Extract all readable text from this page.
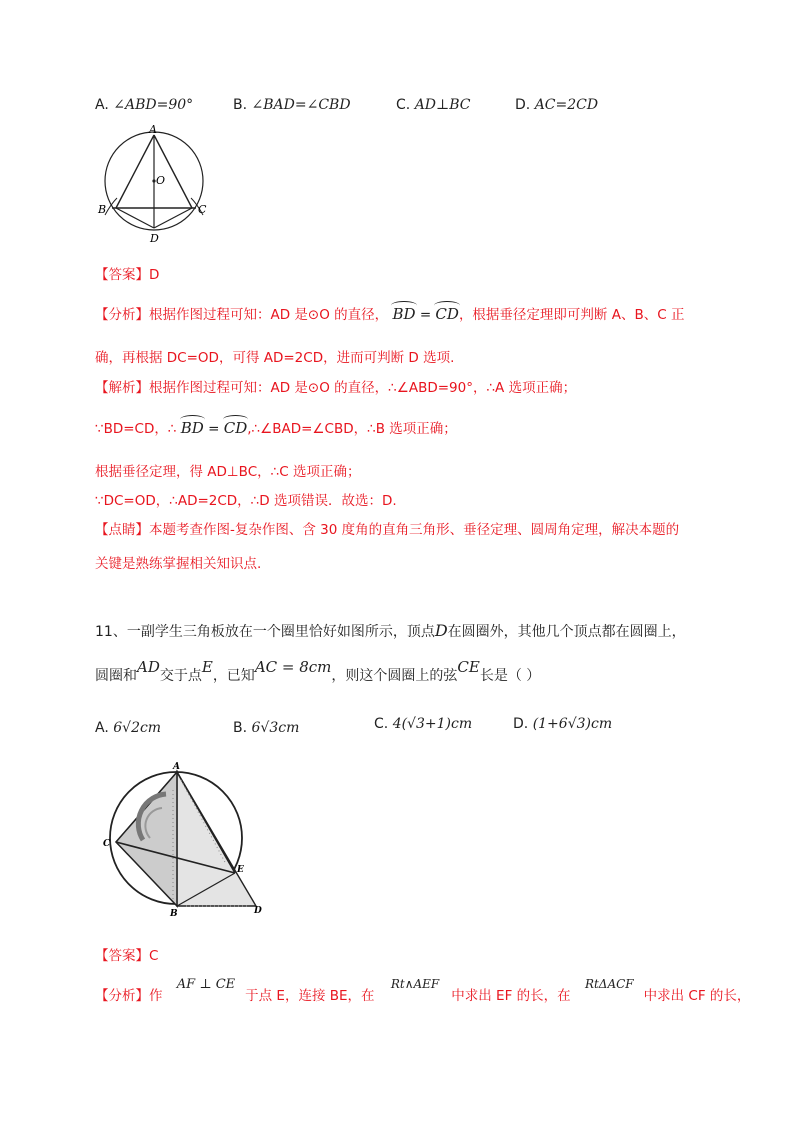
A. ∠ABD=90°	B. ∠BAD=∠CBD	C. AD⊥BC	D. AC=2CD
A
O
B	C
D
【答案】D
【分析】根据作图过程可知：AD 是⊙O 的直径， BD = CD，根据垂径定理即可判断 A、B、C 正
确，再根据 DC=OD，可得 AD=2CD，进而可判断 D 选项.
【解析】根据作图过程可知：AD 是⊙O 的直径，∴∠ABD=90°，∴A 选项正确；
∵BD=CD，∴ BD = CD,∴∠BAD=∠CBD，∴B 选项正确；
根据垂径定理，得 AD⊥BC，∴C 选项正确；
∵DC=OD，∴AD=2CD，∴D 选项错误．故选：D.
【点睛】本题考查作图-复杂作图、含 30 度角的直角三角形、垂径定理、圆周角定理，解决本题的
关键是熟练掌握相关知识点.
11、一副学生三角板放在一个圈里恰好如图所示，顶点D在圆圈外，其他几个顶点都在圆圈上，
圆圈和AD交于点E，已知AC = 8cm，则这个圆圈上的弦CE长是（ ）
A. 6√2cm	B. 6√3cm	C. 4(√3+1)cm	D. (1+6√3)cm
A
C
E
B	D
【答案】C
【分析】作 AF ⊥ CE于点 E，连接 BE，在 Rt∧AEF中求出 EF 的长，在 RtΔACF中求出 CF 的长，
